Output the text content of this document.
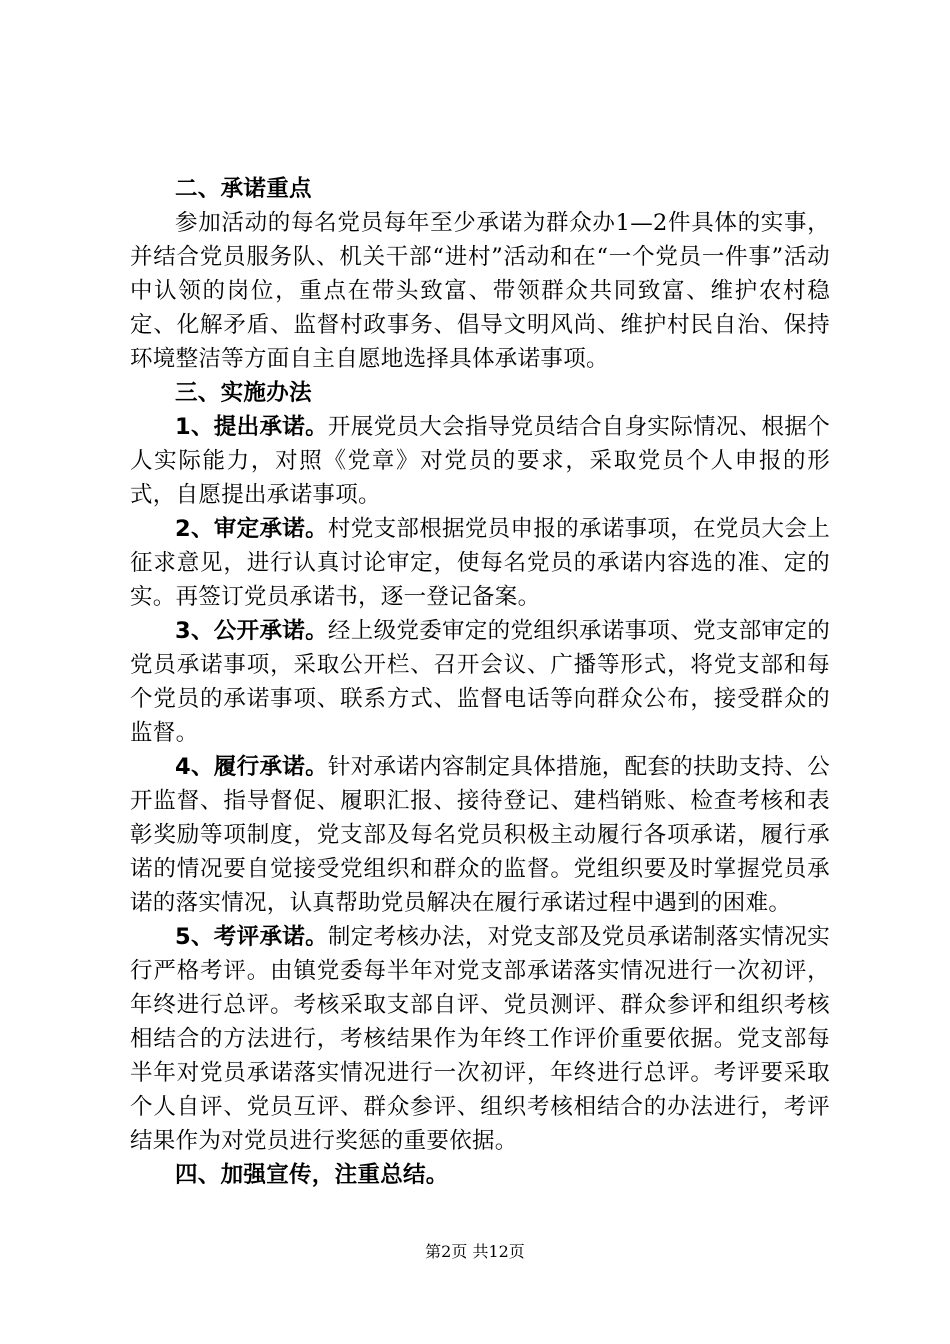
二、承诺重点

参加活动的每名党员每年至少承诺为群众办1—2件具体的实事，并结合党员服务队、机关干部“进村”活动和在“一个党员一件事”活动中认领的岗位，重点在带头致富、带领群众共同致富、维护农村稳定、化解矛盾、监督村政事务、倡导文明风尚、维护村民自治、保持环境整洁等方面自主自愿地选择具体承诺事项。

三、实施办法

1、提出承诺。开展党员大会指导党员结合自身实际情况、根据个人实际能力，对照《党章》对党员的要求，采取党员个人申报的形式，自愿提出承诺事项。

2、审定承诺。村党支部根据党员申报的承诺事项，在党员大会上征求意见，进行认真讨论审定，使每名党员的承诺内容选的准、定的实。再签订党员承诺书，逐一登记备案。

3、公开承诺。经上级党委审定的党组织承诺事项、党支部审定的党员承诺事项，采取公开栏、召开会议、广播等形式，将党支部和每个党员的承诺事项、联系方式、监督电话等向群众公布，接受群众的监督。

4、履行承诺。针对承诺内容制定具体措施，配套的扶助支持、公开监督、指导督促、履职汇报、接待登记、建档销账、检查考核和表彰奖励等项制度，党支部及每名党员积极主动履行各项承诺，履行承诺的情况要自觉接受党组织和群众的监督。党组织要及时掌握党员承诺的落实情况，认真帮助党员解决在履行承诺过程中遇到的困难。

5、考评承诺。制定考核办法，对党支部及党员承诺制落实情况实行严格考评。由镇党委每半年对党支部承诺落实情况进行一次初评，年终进行总评。考核采取支部自评、党员测评、群众参评和组织考核相结合的方法进行，考核结果作为年终工作评价重要依据。党支部每半年对党员承诺落实情况进行一次初评，年终进行总评。考评要采取个人自评、党员互评、群众参评、组织考核相结合的办法进行，考评结果作为对党员进行奖惩的重要依据。

四、加强宣传，注重总结。

第2页 共12页
